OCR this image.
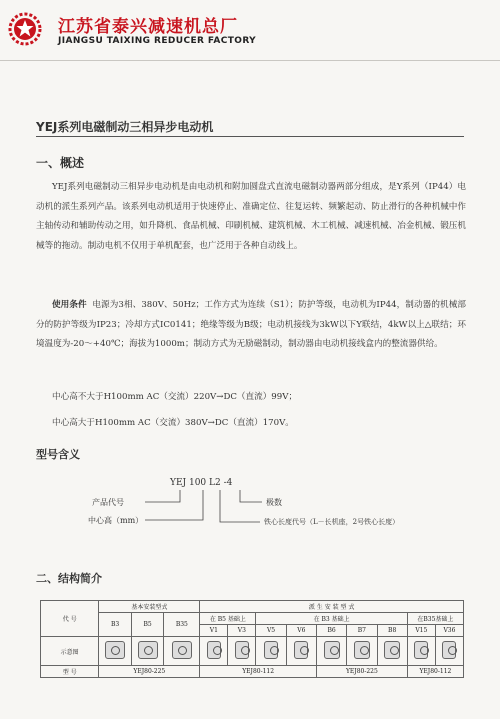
江苏省泰兴减速机总厂
JIANGSU TAIXING REDUCER FACTORY
YEJ系列电磁制动三相异步电动机
一、概述
YEJ系列电磁制动三相异步电动机是由电动机和附加圆盘式直流电磁制动器两部分组成，是Y系列（IP44）电动机的派生系列产品。该系列电动机适用于快速停止、准确定位、往复运转、频繁起动、防止滑行的各种机械中作主轴传动和辅助传动之用，如升降机、食品机械、印刷机械、建筑机械、木工机械、减速机械、冶金机械、锻压机械等的拖动。制动电机不仅用于单机配套，也广泛用于各种自动线上。
使用条件 电源为3相、380V、50Hz；工作方式为连续（S1）；防护等级，电动机为IP44，制动器的机械部分的防护等级为IP23；冷却方式IC0141；绝缘等级为B级；电动机接线为3kW以下Y联结，4kW以上△联结；环境温度为-20～+40℃；海拔为1000m；制动方式为无励磁制动，制动器由电动机接线盒内的整流器供给。
中心高不大于H100mm AC（交流）220V→DC（直流）99V；
中心高大于H100mm AC（交流）380V→DC（直流）170V。
型号含义
YEJ 100 L2 -4
产品代号
中心高（mm）
极数
铁心长度代号（L－长机座，2号铁心长度）
二、结构简介
代 号	基本安装型式			派 生 安 装 型 式								
	B3	B5	B35	在 B5 基础上		在 B3 基础上					在B35基础上	
				V1	V3	V5	V6	B6	B7	B8	V15	V36
示意图												
型 号	YEJ80-225			YEJ80-112				YEJ80-225			YEJ80-112	
